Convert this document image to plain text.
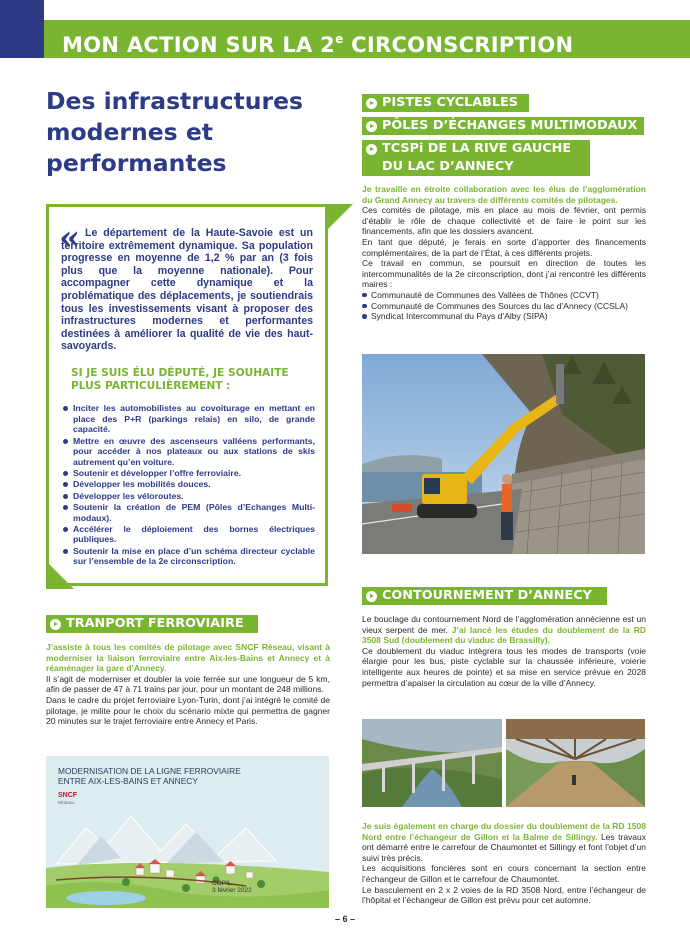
MON ACTION SUR LA 2e CIRCONSCRIPTION
Des infrastructures modernes et performantes
« Le département de la Haute-Savoie est un territoire extrêmement dynamique. Sa population progresse en moyenne de 1,2 % par an (3 fois plus que la moyenne nationale). Pour accompagner cette dynamique et la problématique des déplacements, je soutiendrais tous les investissements visant à proposer des infrastructures modernes et performantes destinées à améliorer la qualité de vie des haut-savoyards.

SI JE SUIS ÉLU DÉPUTÉ, JE SOUHAITE PLUS PARTICULIÈREMENT :
Inciter les automobilistes au covoiturage en mettant en place des P+R (parkings relais) en silo, de grande capacité.
Mettre en œuvre des ascenseurs valléens performants, pour accéder à nos plateaux ou aux stations de skis autrement qu’en voiture.
Soutenir et développer l’offre ferroviaire.
Développer les mobilités douces.
Développer les véloroutes.
Soutenir la création de PEM (Pôles d’Echanges Multi-modaux).
Accélérer le déploiement des bornes électriques publiques.
Soutenir la mise en place d’un schéma directeur cyclable sur l’ensemble de la 2e circonscription.
PISTES CYCLABLES
PÔLES D’ÉCHANGES MULTIMODAUX
TCSPi DE LA RIVE GAUCHE DU LAC D’ANNECY

Je travaille en étroite collaboration avec les élus de l’agglomération du Grand Annecy au travers de différents comités de pilotages.

Ces comités de pilotage, mis en place au mois de février, ont permis d’établir le rôle de chaque collectivité et de faire le point sur les financements, afin que les dossiers avancent.

En tant que député, je ferais en sorte d’apporter des financements complémentaires, de la part de l’État, à ces différents projets.

Ce travail en commun, se poursuit en direction de toutes les intercommunalités de la 2e circonscription, dont j’ai rencontré les différents maires :

Communauté de Communes des Vallées de Thônes (CCVT)
Communauté de Communes des Sources du lac d’Annecy (CCSLA)
Syndicat Intercommunal du Pays d’Alby (SIPA)
CONTOURNEMENT D’ANNECY

Le bouclage du contournement Nord de l’agglomération annécienne est un vieux serpent de mer. J’ai lancé les études du doublement de la RD 3508 Sud (doublement du viaduc de Brassilly).

Ce doublement du viaduc intègrera tous les modes de transports (voie élargie pour les bus, piste cyclable sur la chaussée inférieure, voierie intelligente aux heures de pointe) et sa mise en service prévue en 2028 permettra d’apaiser la circulation au cœur de la ville d’Annecy.

Je suis également en charge du dossier du doublement de la RD 1508 Nord entre l’échangeur de Gillon et la Balme de Sillingy. Les travaux ont démarré entre le carrefour de Chaumontet et Sillingy et font l’objet d’un suivi très précis.

Les acquisitions foncières sont en cours concernant la section entre l’échangeur de Gillon et le carrefour de Chaumontet.

Le basculement en 2 x 2 voies de la RD 3508 Nord, entre l’échangeur de l’hôpital et l’échangeur de Gillon est prévu pour cet automne.

TRANPORT FERROVIAIRE

J’assiste à tous les comités de pilotage avec SNCF Réseau, visant à moderniser la liaison ferroviaire entre Aix-les-Bains et Annecy et à réaménager la gare d’Annecy.

Il s’agit de moderniser et doubler la voie ferrée sur une longueur de 5 km, afin de passer de 47 à 71 trains par jour, pour un montant de 248 millions.

Dans le cadre du projet ferroviaire Lyon-Turin, dont j’ai intégré le comité de pilotage, je milite pour le choix du scénario mixte qui permettra de gagner 20 minutes sur le trajet ferroviaire entre Annecy et Paris.

MODERNISATION DE LA LIGNE FERROVIAIRE ENTRE AIX-LES-BAINS ET ANNECY
SNCF
RÉSEAU
COPIL
3 février 2022
– 6 –
